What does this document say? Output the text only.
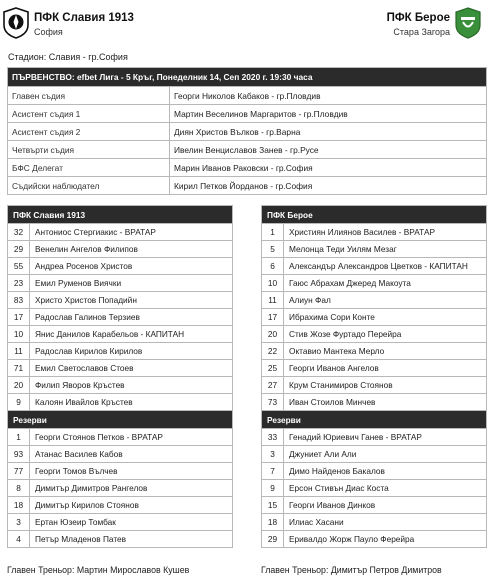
ПФК Славия 1913
София
ПФК Берое
Стара Загора
Стадион: Славия - гр.София
ПЪРВЕНСТВО: efbet Лига - 5 Кръг, Понеделник 14, Сеп 2020 г. 19:30 часа	
Главен съдия	Георги Николов Кабаков - гр.Пловдив
Асистент съдия 1	Мартин Веселинов Маргаритов - гр.Пловдив
Асистент съдия 2	Диян Христов Вълков - гр.Варна
Четвърти съдия	Ивелин Венциславов Занев - гр.Русе
БФС Делегат	Марин Иванов Раковски - гр.София
Съдийски наблюдател	Кирил Петков Йорданов - гр.София
ПФК Славия 1913	
32	Антониос Стергиакис - ВРАТАР
29	Венелин Ангелов Филипов
55	Андреа Росенов Христов
23	Емил Руменов Виячки
83	Христо Христов Попадийн
17	Радослав Галинов Терзиев
10	Янис Данилов Карабельов - КАПИТАН
11	Радослав Кирилов Кирилов
71	Емил Светославов Стоев
20	Филип Яворов Кръстев
9	Калоян Ивайлов Кръстев
Резерви	
1	Георги Стоянов Петков - ВРАТАР
93	Атанас Василев Кабов
77	Георги Томов Вълчев
8	Димитър Димитров Рангелов
18	Димитър Кирилов Стоянов
3	Ертан Юзеир Томбак
4	Петър Младенов Патев
ПФК Берое	
1	Християн Илиянов Василев - ВРАТАР
5	Мелонца Теди Уилям Мезаг
6	Александър Александров Цветков - КАПИТАН
10	Гаюс Абрахам Джеред Макоута
11	Алиун Фал
17	Ибрахима Сори Конте
20	Стив Жозе Фуртадо Перейра
22	Октавио Мантека Мерло
25	Георги Иванов Ангелов
27	Крум Станимиров Стоянов
73	Иван Стоилов Минчев
Резерви	
33	Генадий Юриевич Ганев - ВРАТАР
3	Джуниет Али Али
7	Димо Найденов Бакалов
9	Ерсон Стивън Диас Коста
15	Георги Иванов Динков
18	Илиас Хасани
29	Еривалдо Жорж Пауло Ферейра
Главен Треньор: Мартин Мирославов Кушев	Главен Треньор: Димитър Петров Димитров
